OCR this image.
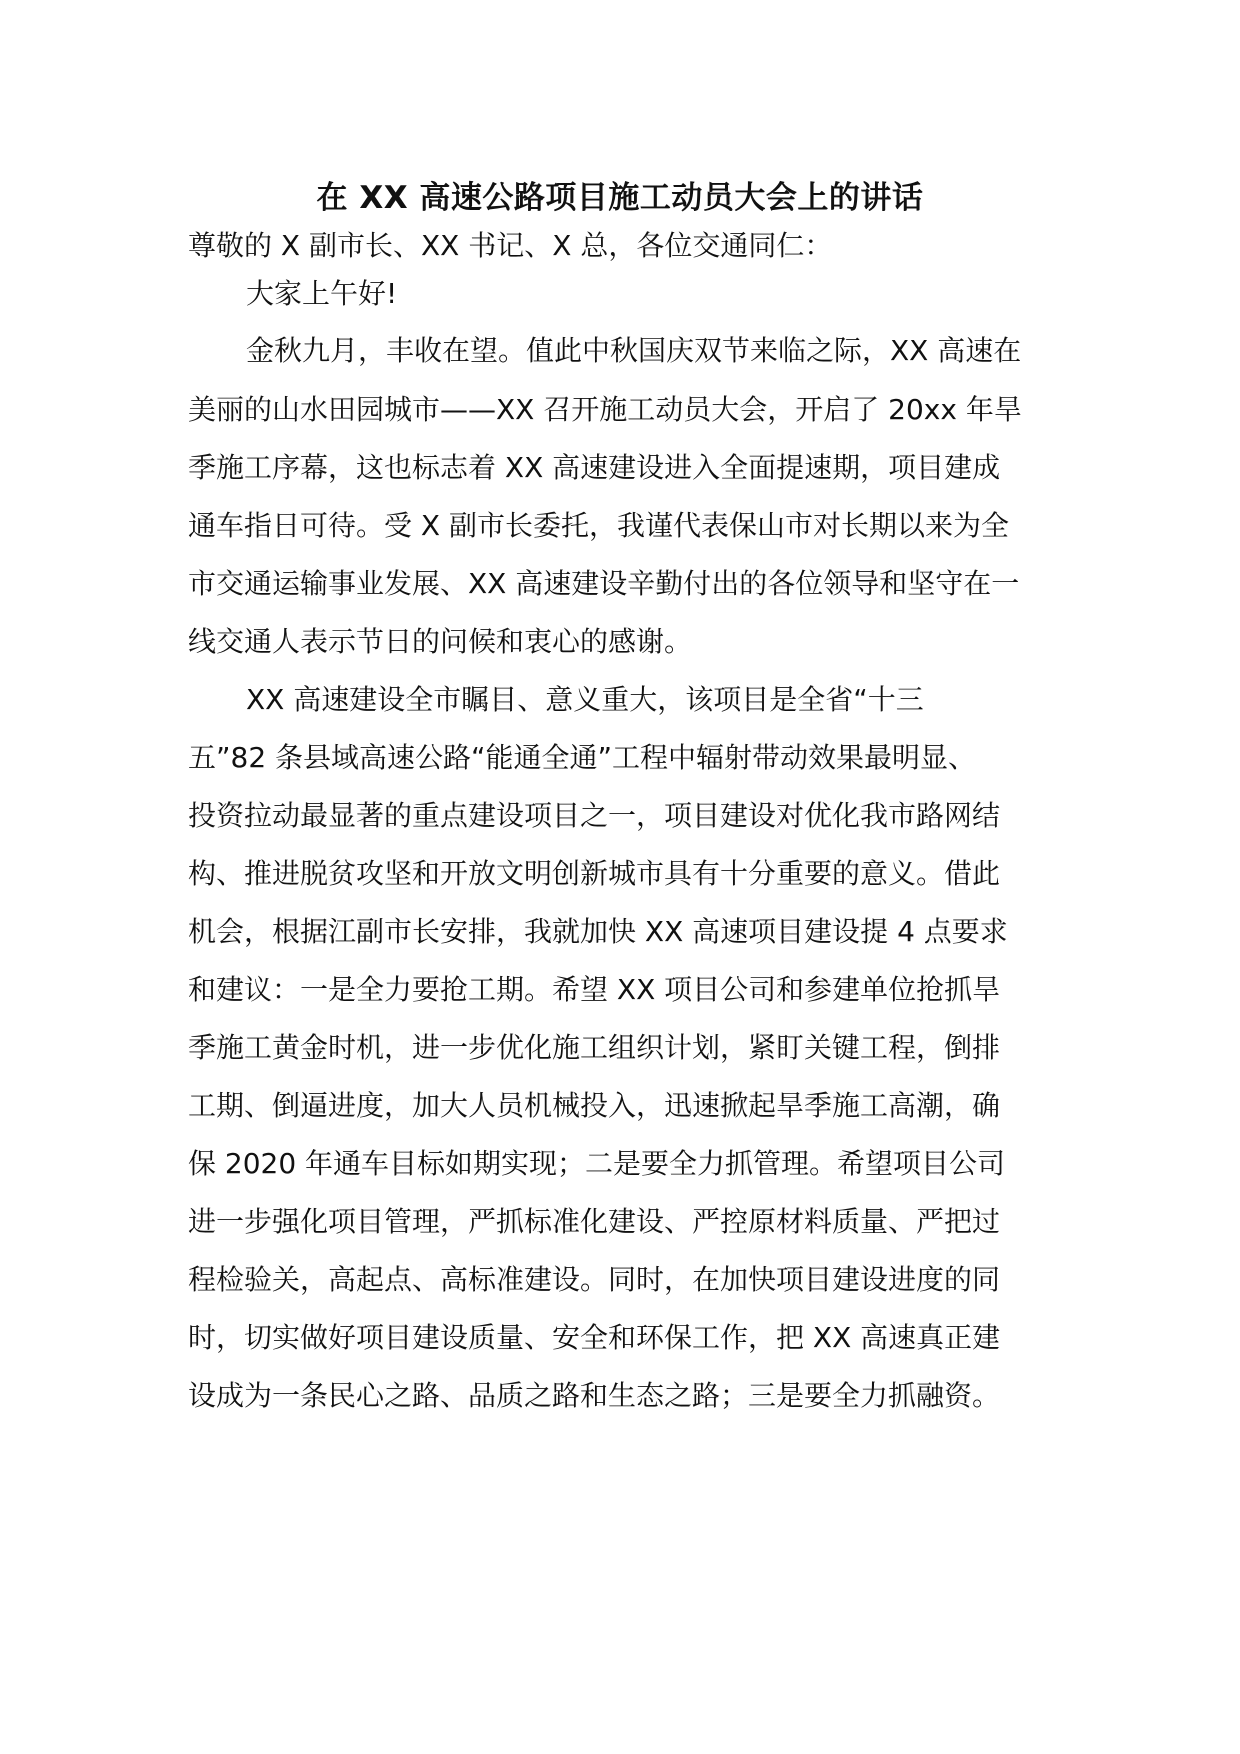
在 XX 高速公路项目施工动员大会上的讲话
尊敬的 X 副市长、XX 书记、X 总，各位交通同仁：
大家上午好!
金秋九月，丰收在望。值此中秋国庆双节来临之际，XX 高速在
美丽的山水田园城市——XX 召开施工动员大会，开启了 20xx 年旱
季施工序幕，这也标志着 XX 高速建设进入全面提速期，项目建成
通车指日可待。受 X 副市长委托，我谨代表保山市对长期以来为全
市交通运输事业发展、XX 高速建设辛勤付出的各位领导和坚守在一
线交通人表示节日的问候和衷心的感谢。
XX 高速建设全市瞩目、意义重大，该项目是全省“十三
五”82 条县域高速公路“能通全通”工程中辐射带动效果最明显、
投资拉动最显著的重点建设项目之一，项目建设对优化我市路网结
构、推进脱贫攻坚和开放文明创新城市具有十分重要的意义。借此
机会，根据江副市长安排，我就加快 XX 高速项目建设提 4 点要求
和建议：一是全力要抢工期。希望 XX 项目公司和参建单位抢抓旱
季施工黄金时机，进一步优化施工组织计划，紧盯关键工程，倒排
工期、倒逼进度，加大人员机械投入，迅速掀起旱季施工高潮，确
保 2020 年通车目标如期实现；二是要全力抓管理。希望项目公司
进一步强化项目管理，严抓标准化建设、严控原材料质量、严把过
程检验关，高起点、高标准建设。同时，在加快项目建设进度的同
时，切实做好项目建设质量、安全和环保工作，把 XX 高速真正建
设成为一条民心之路、品质之路和生态之路；三是要全力抓融资。
